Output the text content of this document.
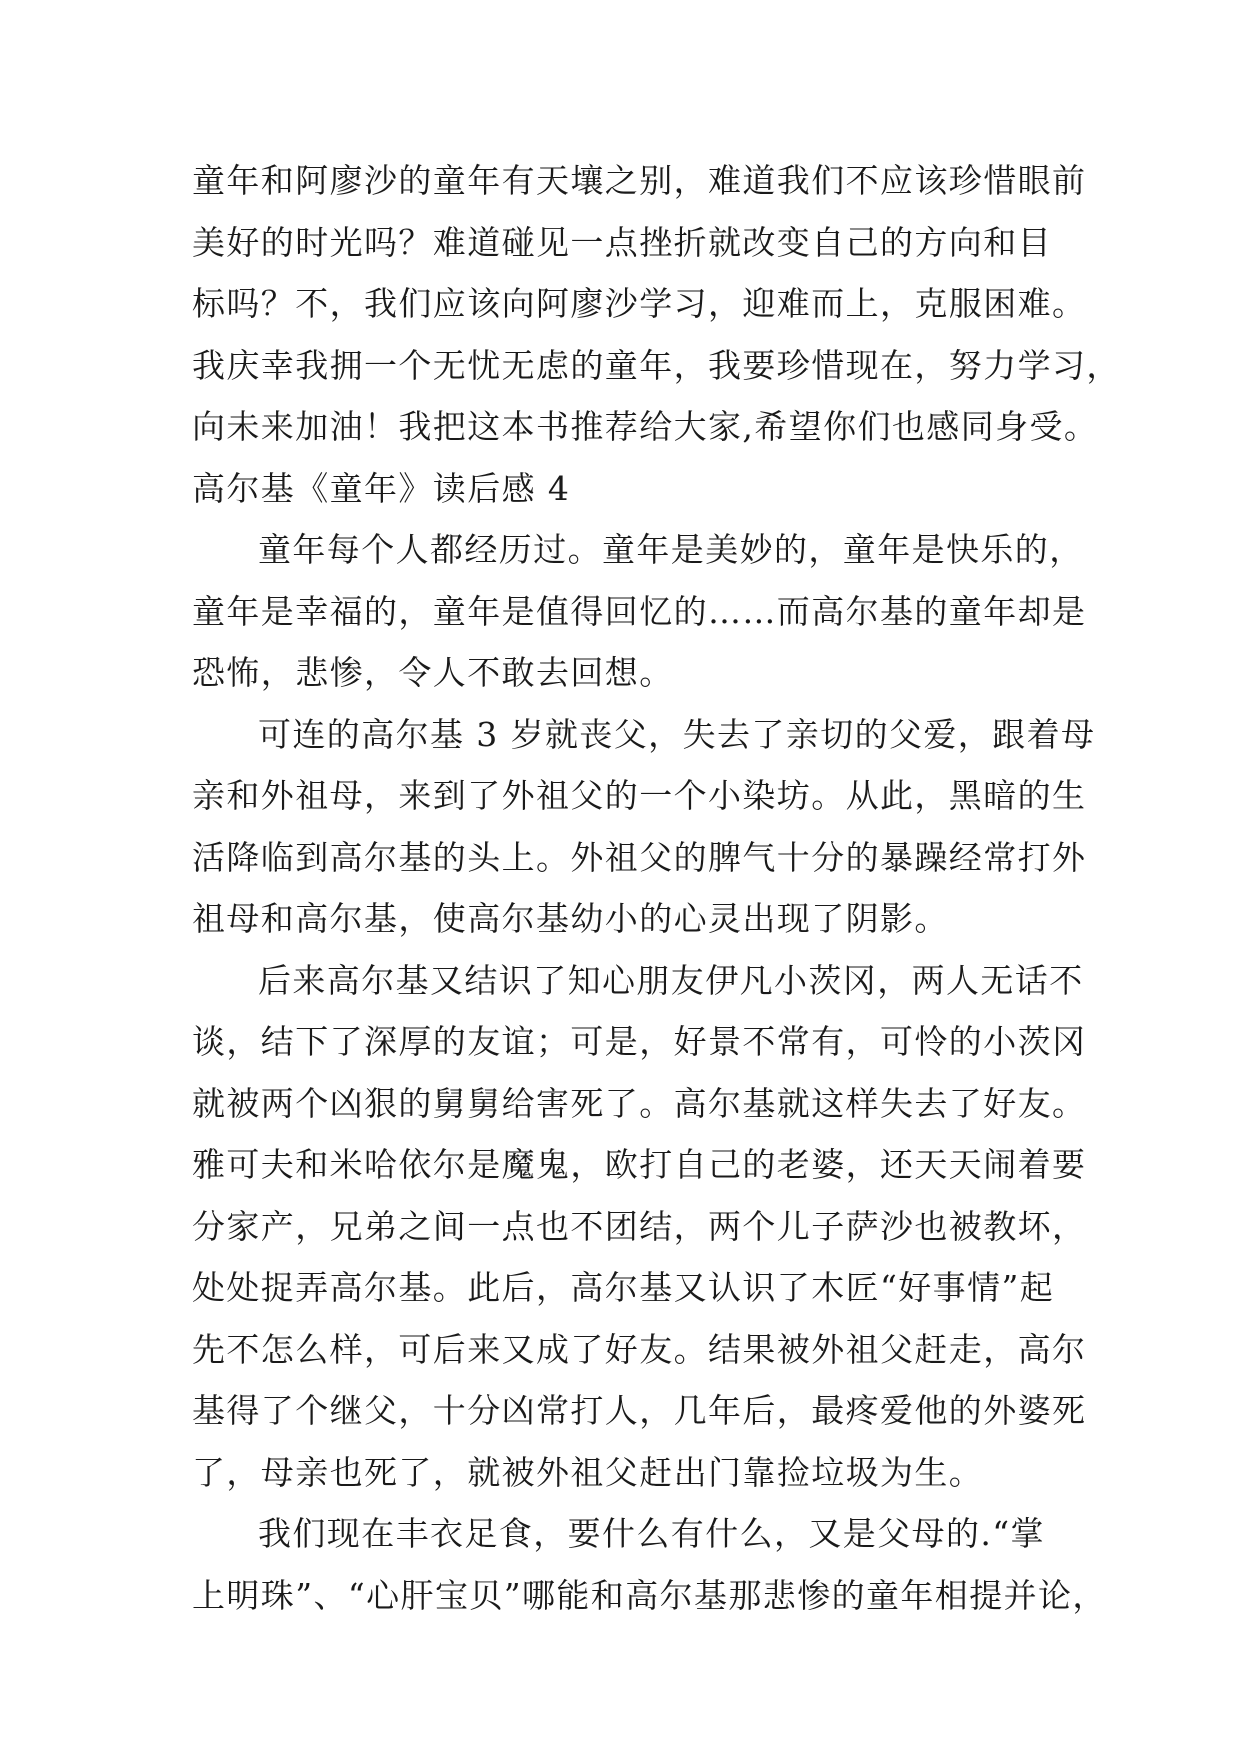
童年和阿廖沙的童年有天壤之别，难道我们不应该珍惜眼前
美好的时光吗？难道碰见一点挫折就改变自己的方向和目
标吗？不，我们应该向阿廖沙学习，迎难而上，克服困难。
我庆幸我拥一个无忧无虑的童年，我要珍惜现在，努力学习，
向未来加油！我把这本书推荐给大家,希望你们也感同身受。
高尔基《童年》读后感 4
童年每个人都经历过。童年是美妙的，童年是快乐的，
童年是幸福的，童年是值得回忆的……而高尔基的童年却是
恐怖，悲惨，令人不敢去回想。
可连的高尔基 3 岁就丧父，失去了亲切的父爱，跟着母
亲和外祖母，来到了外祖父的一个小染坊。从此，黑暗的生
活降临到高尔基的头上。外祖父的脾气十分的暴躁经常打外
祖母和高尔基，使高尔基幼小的心灵出现了阴影。
后来高尔基又结识了知心朋友伊凡小茨冈，两人无话不
谈，结下了深厚的友谊；可是，好景不常有，可怜的小茨冈
就被两个凶狠的舅舅给害死了。高尔基就这样失去了好友。
雅可夫和米哈依尔是魔鬼，欧打自己的老婆，还天天闹着要
分家产，兄弟之间一点也不团结，两个儿子萨沙也被教坏，
处处捉弄高尔基。此后，高尔基又认识了木匠“好事情”起
先不怎么样，可后来又成了好友。结果被外祖父赶走，高尔
基得了个继父，十分凶常打人，几年后，最疼爱他的外婆死
了，母亲也死了，就被外祖父赶出门靠捡垃圾为生。
我们现在丰衣足食，要什么有什么，又是父母的.“掌
上明珠”、“心肝宝贝”哪能和高尔基那悲惨的童年相提并论，
